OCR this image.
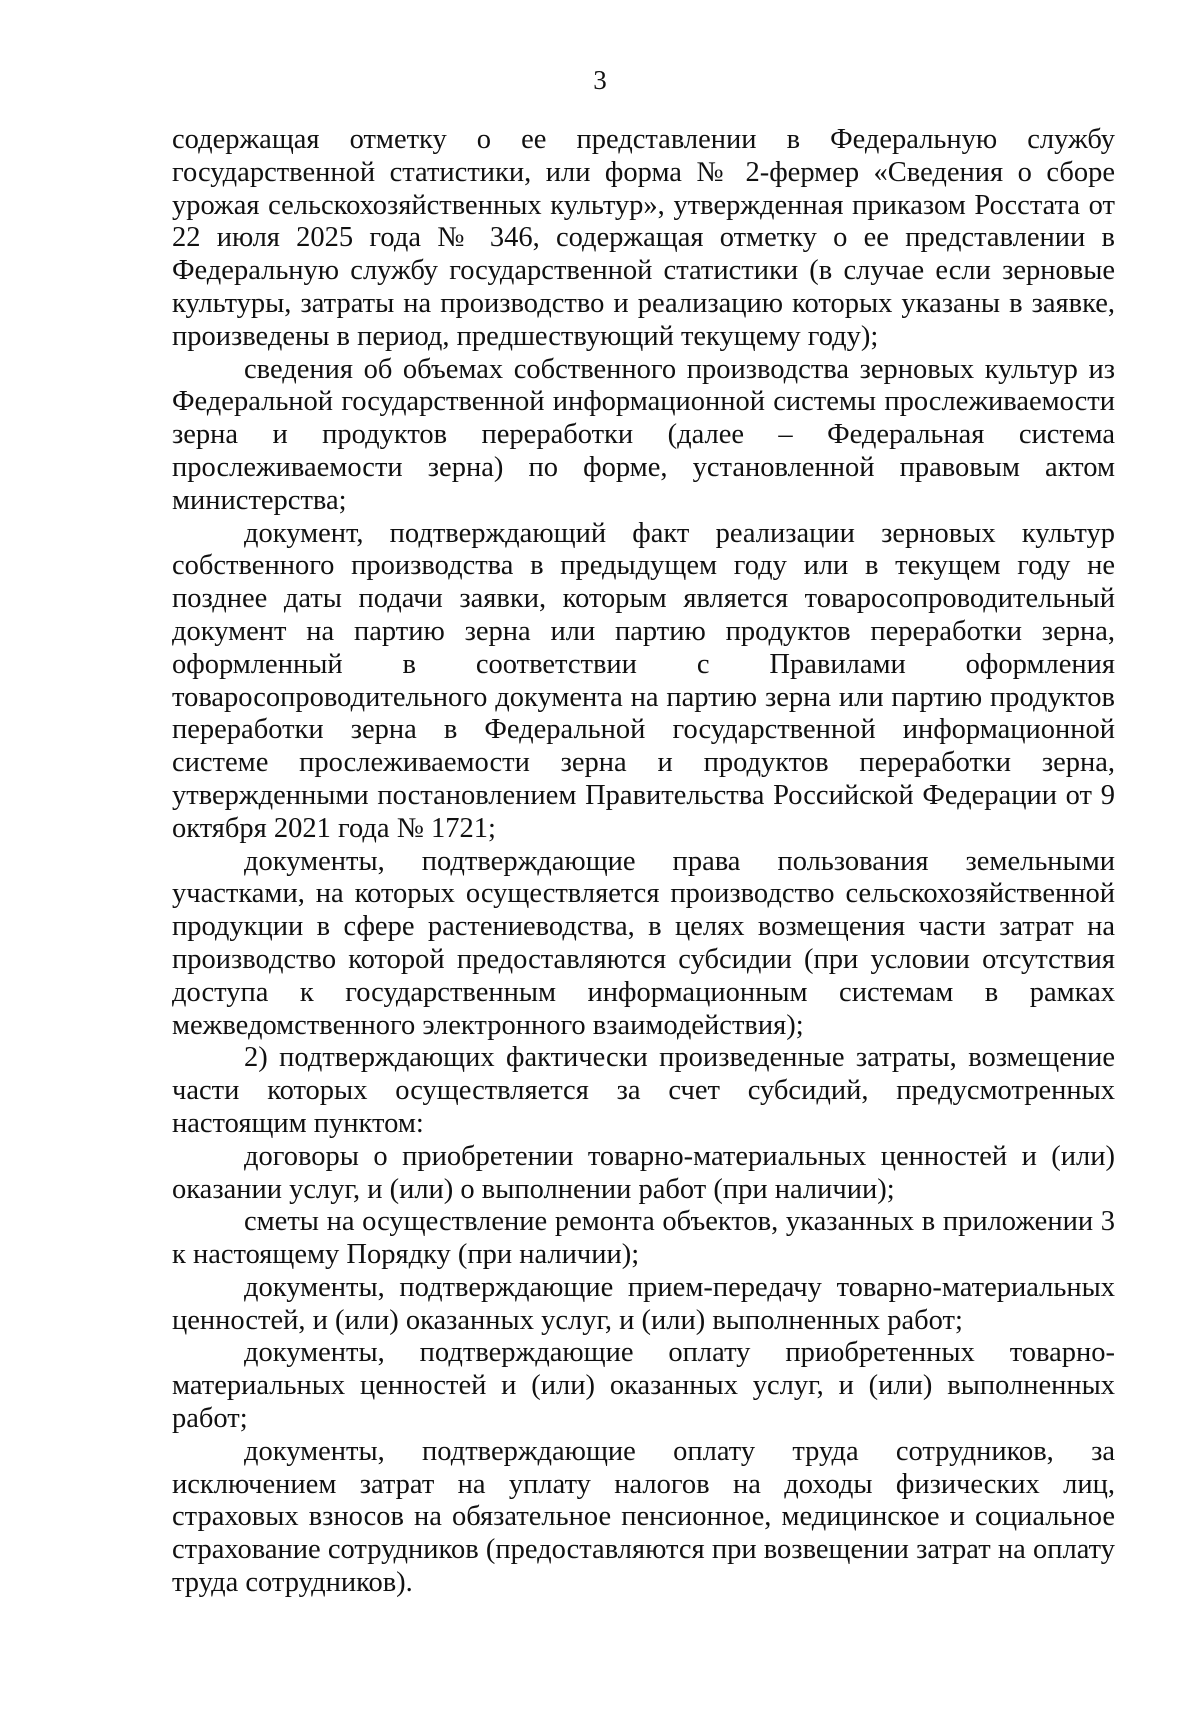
3

содержащая отметку о ее представлении в Федеральную службу государственной статистики, или форма № 2-фермер «Сведения о сборе урожая сельскохозяйственных культур», утвержденная приказом Росстата от 22 июля 2025 года № 346, содержащая отметку о ее представлении в Федеральную службу государственной статистики (в случае если зерновые культуры, затраты на производство и реализацию которых указаны в заявке, произведены в период, предшествующий текущему году);

сведения об объемах собственного производства зерновых культур из Федеральной государственной информационной системы прослеживаемости зерна и продуктов переработки (далее – Федеральная система прослеживаемости зерна) по форме, установленной правовым актом министерства;

документ, подтверждающий факт реализации зерновых культур собственного производства в предыдущем году или в текущем году не позднее даты подачи заявки, которым является товаросопроводительный документ на партию зерна или партию продуктов переработки зерна, оформленный в соответствии с Правилами оформления товаросопроводительного документа на партию зерна или партию продуктов переработки зерна в Федеральной государственной информационной системе прослеживаемости зерна и продуктов переработки зерна, утвержденными постановлением Правительства Российской Федерации от 9 октября 2021 года № 1721;

документы, подтверждающие права пользования земельными участками, на которых осуществляется производство сельскохозяйственной продукции в сфере растениеводства, в целях возмещения части затрат на производство которой предоставляются субсидии (при условии отсутствия доступа к государственным информационным системам в рамках межведомственного электронного взаимодействия);

2) подтверждающих фактически произведенные затраты, возмещение части которых осуществляется за счет субсидий, предусмотренных настоящим пунктом:

договоры о приобретении товарно-материальных ценностей и (или) оказании услуг, и (или) о выполнении работ (при наличии);

сметы на осуществление ремонта объектов, указанных в приложении 3 к настоящему Порядку (при наличии);

документы, подтверждающие прием-передачу товарно-материальных ценностей, и (или) оказанных услуг, и (или) выполненных работ;

документы, подтверждающие оплату приобретенных товарно-материальных ценностей и (или) оказанных услуг, и (или) выполненных работ;

документы, подтверждающие оплату труда сотрудников, за исключением затрат на уплату налогов на доходы физических лиц, страховых взносов на обязательное пенсионное, медицинское и социальное страхование сотрудников (предоставляются при возвещении затрат на оплату труда сотрудников).
